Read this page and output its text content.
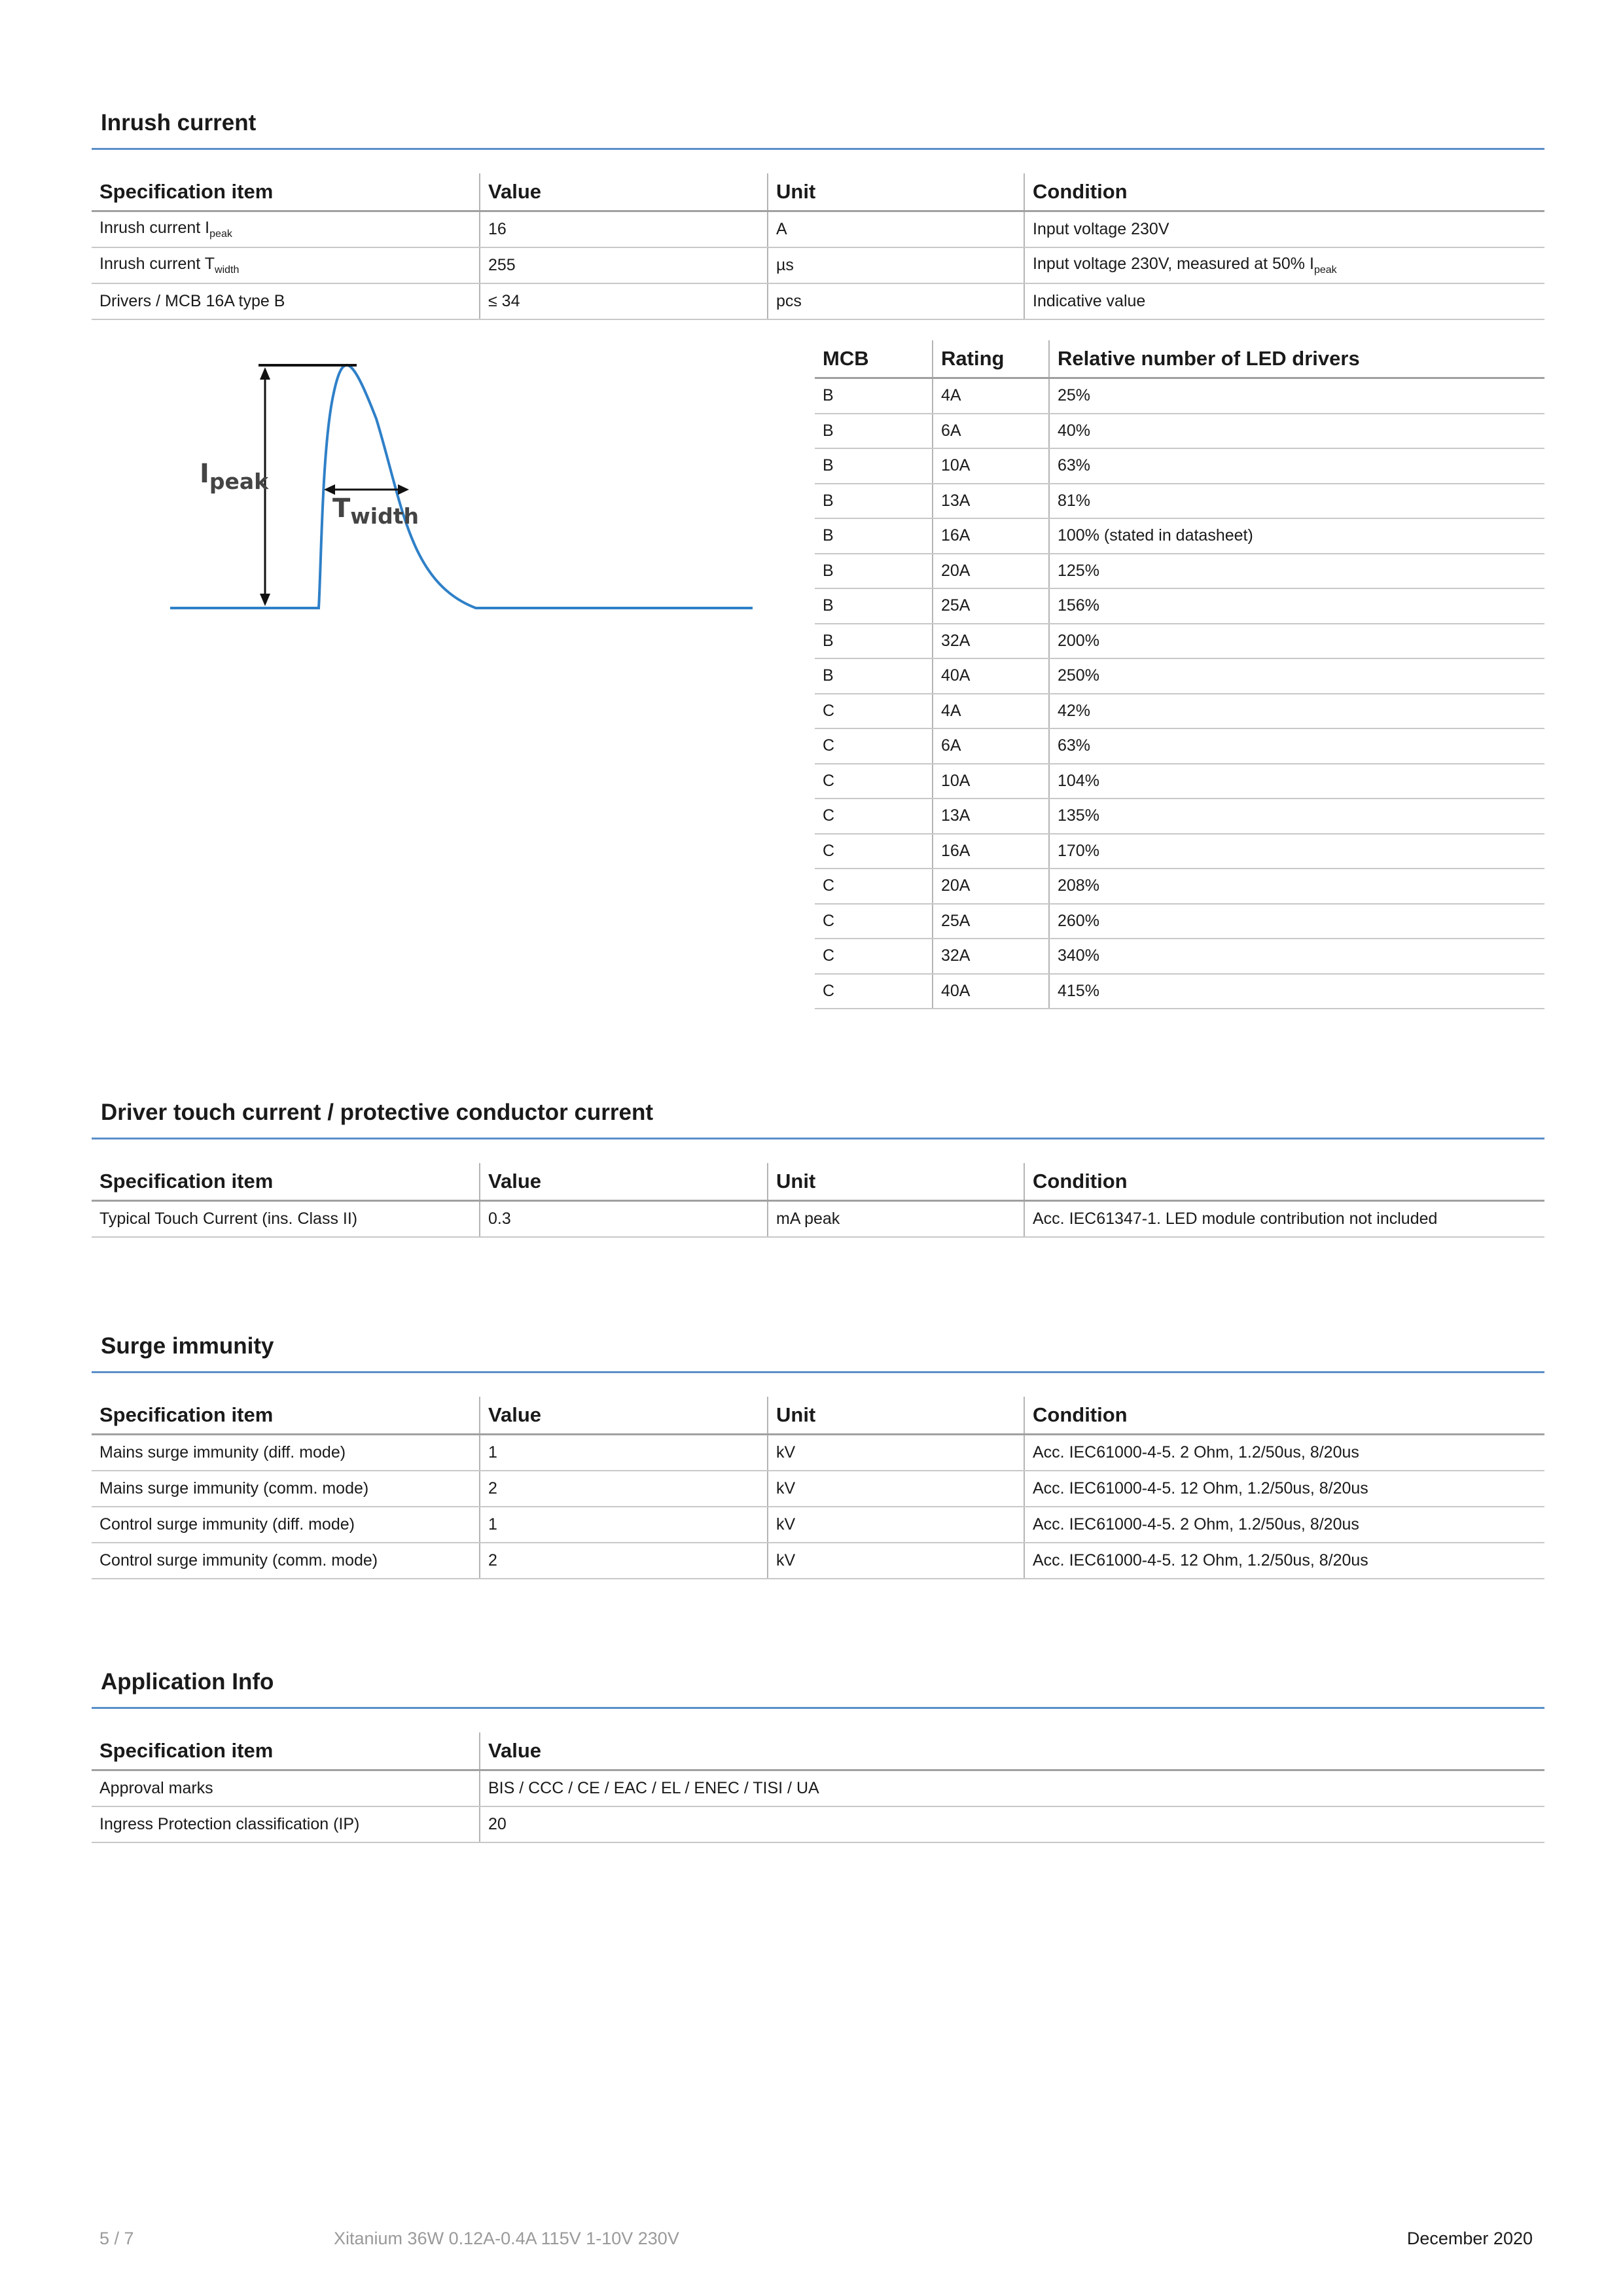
Inrush current
Specification item	Value	Unit	Condition
Inrush current $I_{peak}$	16	A	Input voltage 230V
Inrush current $T_{width}$	255	µs	Input voltage 230V, measured at 50% $I_{peak}$
Drivers / MCB 16A type B	≤ 34	pcs	Indicative value
Ipeak
Twidth
MCB	Rating	Relative number of LED drivers
B	4A	25%
B	6A	40%
B	10A	63%
B	13A	81%
B	16A	100% (stated in datasheet)
B	20A	125%
B	25A	156%
B	32A	200%
B	40A	250%
C	4A	42%
C	6A	63%
C	10A	104%
C	13A	135%
C	16A	170%
C	20A	208%
C	25A	260%
C	32A	340%
C	40A	415%
Driver touch current / protective conductor current
Specification item	Value	Unit	Condition
Typical Touch Current (ins. Class II)	0.3	mA peak	Acc. IEC61347-1. LED module contribution not included
Surge immunity
Specification item	Value	Unit	Condition
Mains surge immunity (diff. mode)	1	kV	Acc. IEC61000-4-5. 2 Ohm, 1.2/50us, 8/20us
Mains surge immunity (comm. mode)	2	kV	Acc. IEC61000-4-5. 12 Ohm, 1.2/50us, 8/20us
Control surge immunity (diff. mode)	1	kV	Acc. IEC61000-4-5. 2 Ohm, 1.2/50us, 8/20us
Control surge immunity (comm. mode)	2	kV	Acc. IEC61000-4-5. 12 Ohm, 1.2/50us, 8/20us
Application Info
Specification item	Value
Approval marks	BIS / CCC / CE / EAC / EL / ENEC / TISI / UA
Ingress Protection classification (IP)	20
5 / 7	Xitanium 36W 0.12A-0.4A 115V 1-10V 230V	December 2020
